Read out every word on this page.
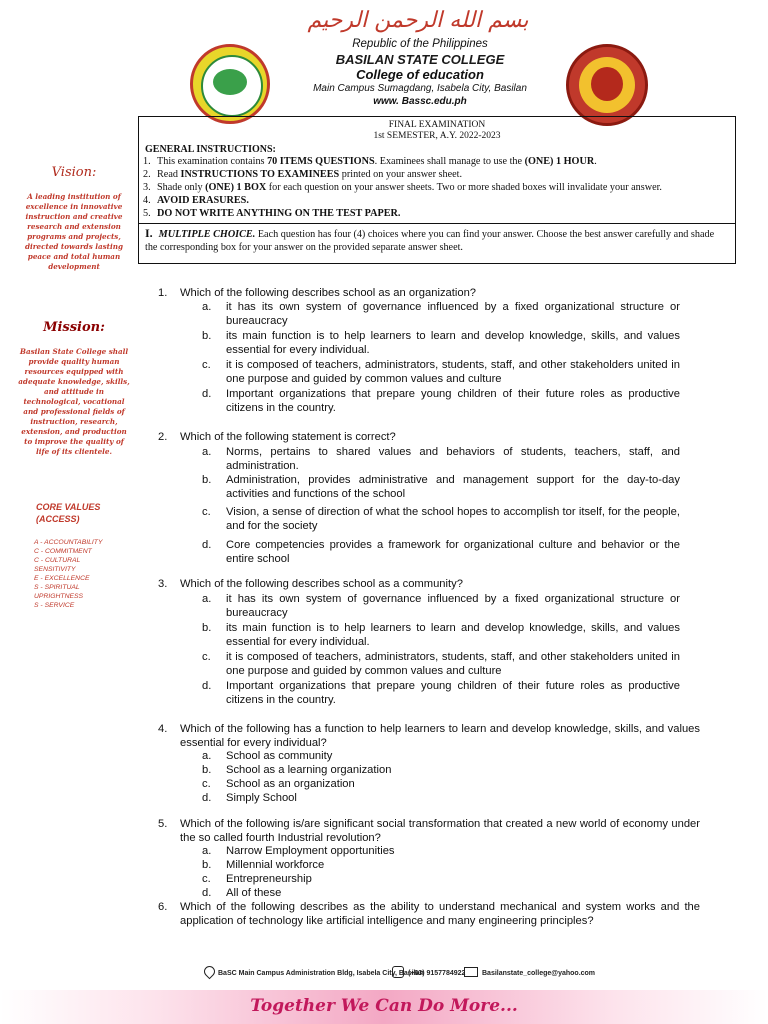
بسم الله الرحمن الرحيم
Republic of the Philippines
BASILAN STATE COLLEGE
College of education
Main Campus Sumagdang, Isabela City, Basilan
www. Bassc.edu.ph
Vision:
A leading institution of excellence in innovative instruction and creative research and extension programs and projects, directed towards lasting peace and total human development
Mission:
Basilan State College shall provide quality human resources equipped with adequate knowledge, skills, and attitude in technological, vocational and professional fields of instruction, research, extension, and production to improve the quality of life of its clientele.
CORE VALUES (ACCESS)
A - ACCOUNTABILITY
C - COMMITMENT
C - CULTURAL
SENSITIVITY
E - EXCELLENCE
S - SPIRITUAL
UPRIGHTNESS
S - SERVICE
FINAL EXAMINATION
1st SEMESTER, A.Y. 2022-2023
GENERAL INSTRUCTIONS:
1. This examination contains 70 ITEMS QUESTIONS. Examinees shall manage to use the (ONE) 1 HOUR.
2. Read INSTRUCTIONS TO EXAMINEES printed on your answer sheet.
3. Shade only (ONE) 1 BOX for each question on your answer sheets. Two or more shaded boxes will invalidate your answer.
4. AVOID ERASURES.
5. DO NOT WRITE ANYTHING ON THE TEST PAPER.
I. MULTIPLE CHOICE. Each question has four (4) choices where you can find your answer. Choose the best answer carefully and shade the corresponding box for your answer on the provided separate answer sheet.
1. Which of the following describes school as an organization?
a. it has its own system of governance influenced by a fixed organizational structure or bureaucracy
b. its main function is to help learners to learn and develop knowledge, skills, and values essential for every individual.
c. it is composed of teachers, administrators, students, staff, and other stakeholders united in one purpose and guided by common values and culture
d. Important organizations that prepare young children of their future roles as productive citizens in the country.
2. Which of the following statement is correct?
a. Norms, pertains to shared values and behaviors of students, teachers, staff, and administration.
b. Administration, provides administrative and management support for the day-to-day activities and functions of the school
c. Vision, a sense of direction of what the school hopes to accomplish tor itself, for the people, and for the society
d. Core competencies provides a framework for organizational culture and behavior or the entire school
3. Which of the following describes school as a community?
a. it has its own system of governance influenced by a fixed organizational structure or bureaucracy
b. its main function is to help learners to learn and develop knowledge, skills, and values essential for every individual.
c. it is composed of teachers, administrators, students, staff, and other stakeholders united in one purpose and guided by common values and culture
d. Important organizations that prepare young children of their future roles as productive citizens in the country.
4. Which of the following has a function to help learners to learn and develop knowledge, skills, and values essential for every individual?
a. School as community
b. School as a learning organization
c. School as an organization
d. Simply School
5. Which of the following is/are significant social transformation that created a new world of economy under the so called fourth Industrial revolution?
a. Narrow Employment opportunities
b. Millennial workforce
c. Entrepreneurship
d. All of these
6. Which of the following describes as the ability to understand mechanical and system works and the application of technology like artificial intelligence and many engineering principles?
BaSC Main Campus Administration Bldg, Isabela City, Basilan
(+63) 9157784922 Basilanstate_college@yahoo.com
Together We Can Do More...
